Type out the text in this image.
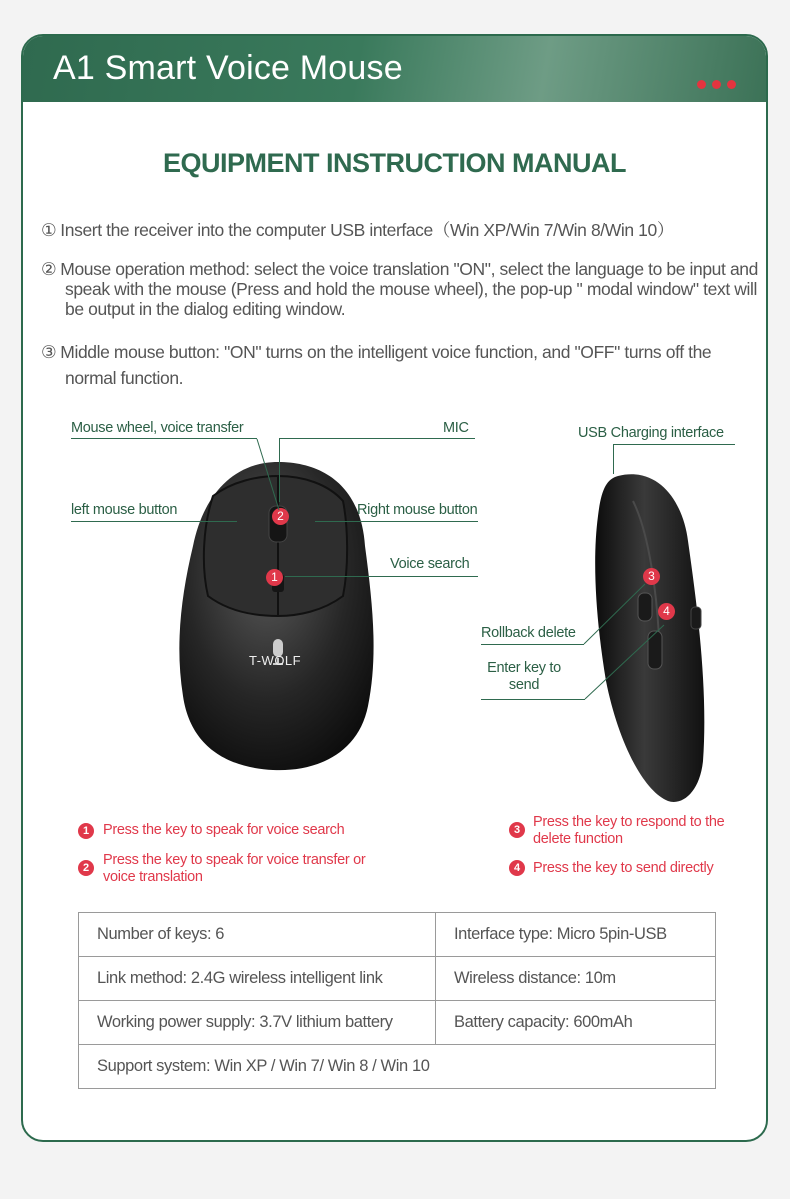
A1 Smart Voice Mouse
EQUIPMENT INSTRUCTION MANUAL
① Insert the receiver into the computer USB interface（Win XP/Win 7/Win 8/Win 10）
② Mouse operation method: select the voice translation "ON", select the language to be input and speak with the mouse (Press and hold the mouse wheel), the pop-up " modal window" text will be output in the dialog editing window.
③ Middle mouse button: "ON" turns on the intelligent voice function, and "OFF" turns off the normal function.
T-WOLF
2
1	3
4
Mouse wheel, voice transfer	MIC
left mouse button	Right mouse button
Voice search
USB Charging interface
Rollback delete
Enter key to send
1 Press the key to speak for voice search
2 Press the key to speak for voice transfer or voice translation
3 Press the key to respond to the delete function
4 Press the key to send directly
Number of keys: 6	Interface type: Micro 5pin-USB
Link method: 2.4G wireless intelligent link	Wireless distance: 10m
Working power supply: 3.7V lithium battery	Battery capacity: 600mAh
Support system: Win XP / Win 7/ Win 8 / Win 10	
